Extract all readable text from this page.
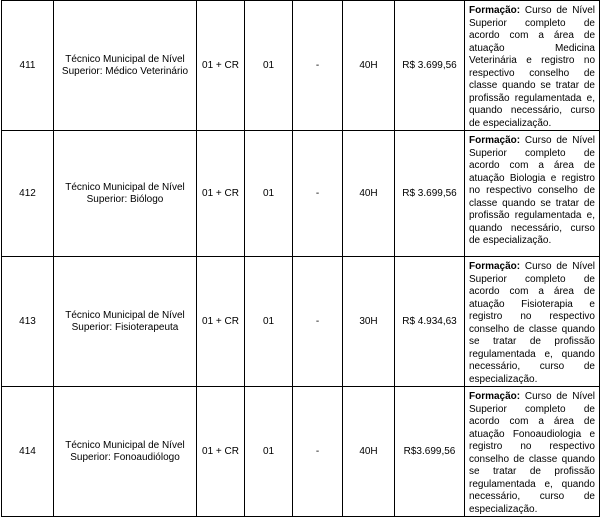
411	Técnico Municipal de Nível Superior: Médico Veterinário	01 + CR	01	-	40H	R$ 3.699,56	Formação: Curso de Nível Superior completo de acordo com a área de atuação Medicina Veterinária e registro no respectivo conselho de classe quando se tratar de profissão regulamentada e, quando necessário, curso de especialização.
412	Técnico Municipal de Nível Superior: Biólogo	01 + CR	01	-	40H	R$ 3.699,56	Formação: Curso de Nível Superior completo de acordo com a área de atuação Biologia e registro no respectivo conselho de classe quando se tratar de profissão regulamentada e, quando necessário, curso de especialização.
413	Técnico Municipal de Nível Superior: Fisioterapeuta	01 + CR	01	-	30H	R$ 4.934,63	Formação: Curso de Nível Superior completo de acordo com a área de atuação Fisioterapia e registro no respectivo conselho de classe quando se tratar de profissão regulamentada e, quando necessário, curso de especialização.
414	Técnico Municipal de Nível Superior: Fonoaudiólogo	01 + CR	01	-	40H	R$3.699,56	Formação: Curso de Nível Superior completo de acordo com a área de atuação Fonoaudiologia e registro no respectivo conselho de classe quando se tratar de profissão regulamentada e, quando necessário, curso de especialização.
